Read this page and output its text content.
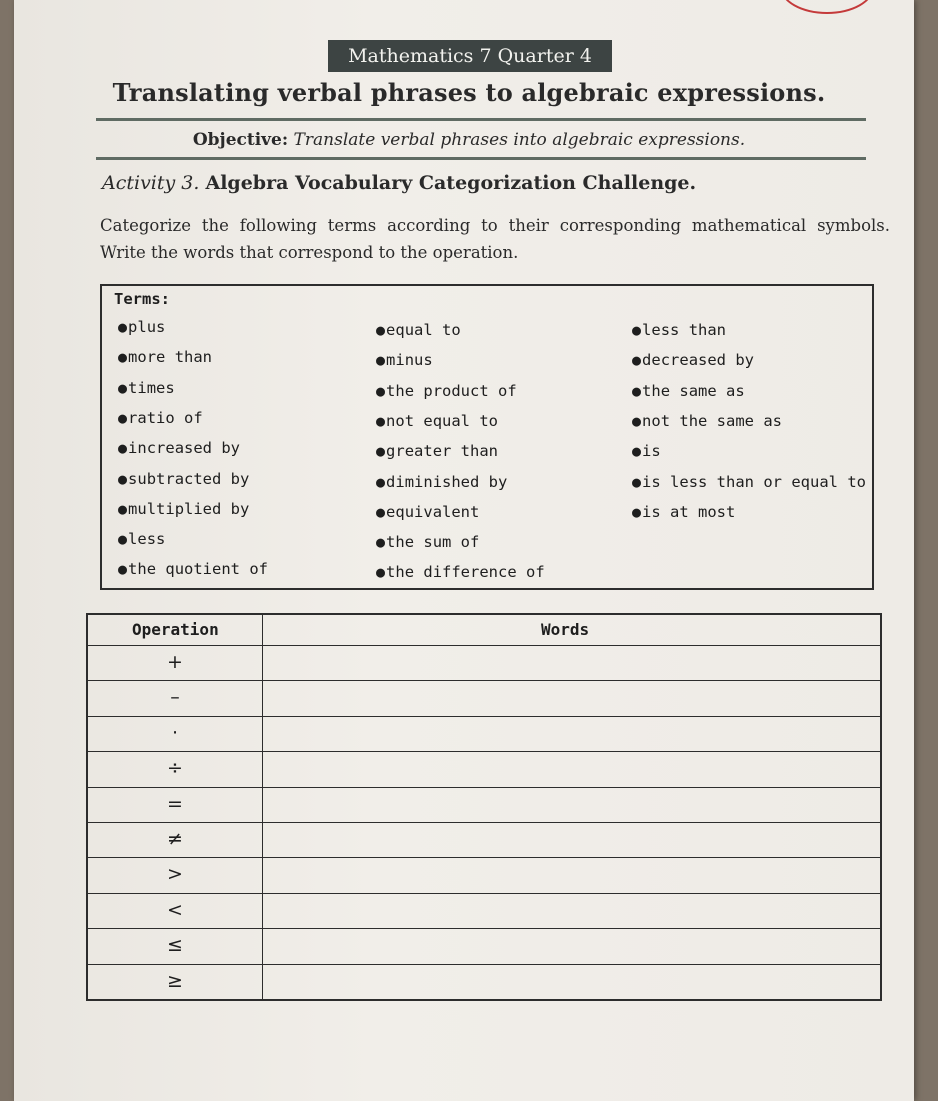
Mathematics 7 Quarter 4
Translating verbal phrases to algebraic expressions.
Objective: Translate verbal phrases into algebraic expressions.
Activity 3. Algebra Vocabulary Categorization Challenge.
Categorize the following terms according to their corresponding mathematical symbols. Write the words that correspond to the operation.
Terms:
●plus
●more than
●times
●ratio of
●increased by
●subtracted by
●multiplied by
●less
●the quotient of
●equal to
●minus
●the product of
●not equal to
●greater than
●diminished by
●equivalent
●the sum of
●the difference of
●less than
●decreased by
●the same as
●not the same as
●is
●is less than or equal to
●is at most
Operation	Words
+
–
·
÷
=
≠
>
<
≤
≥
